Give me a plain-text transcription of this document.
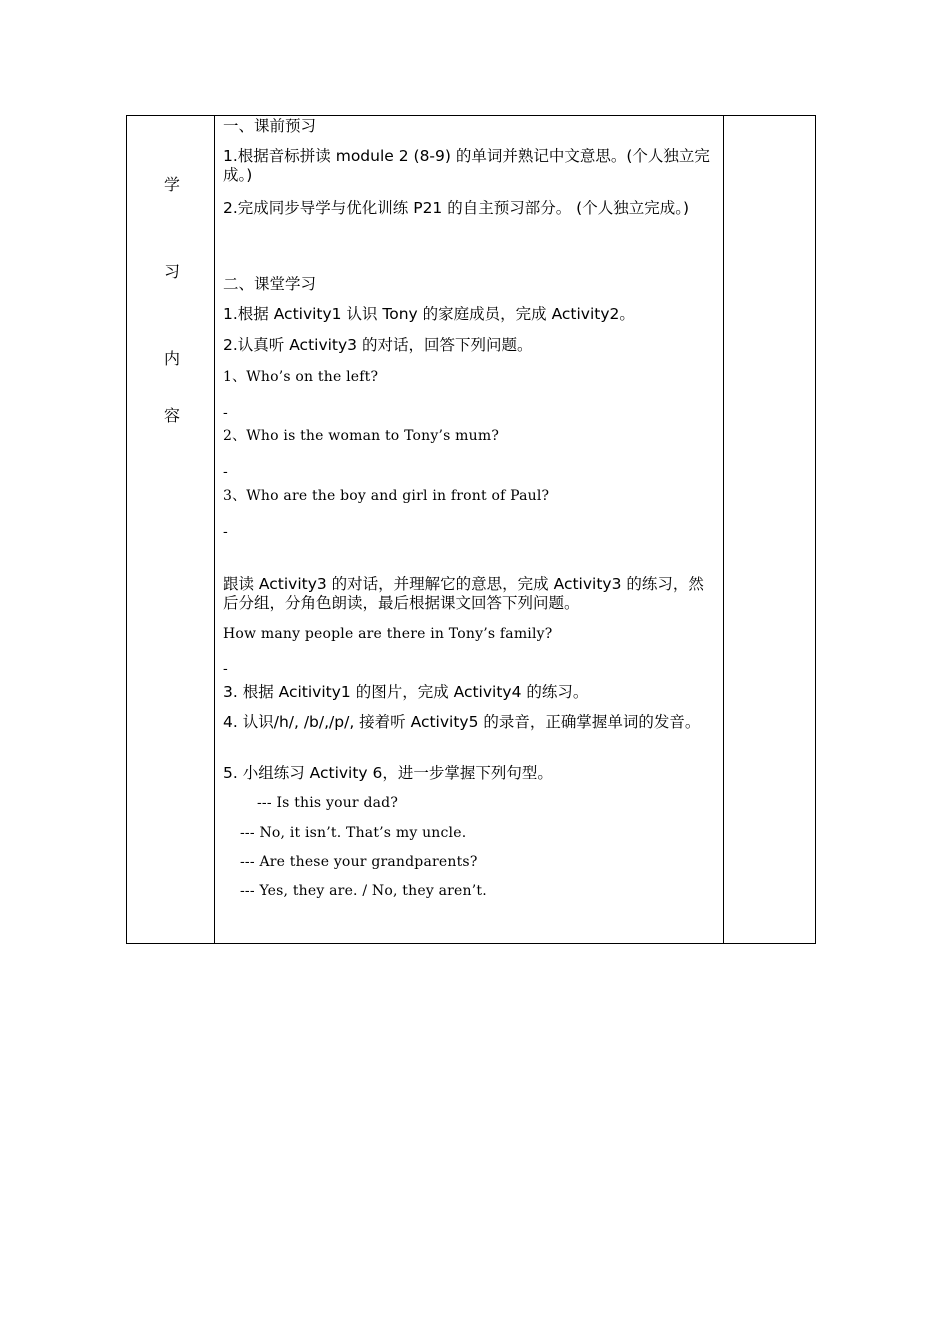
学
习
内
容
一、课前预习
1.根据音标拼读 module 2 (8-9) 的单词并熟记中文意思。(个人独立完成。)
2.完成同步导学与优化训练 P21 的自主预习部分。 (个人独立完成。)
二、课堂学习
1.根据 Activity1 认识 Tony 的家庭成员，完成 Activity2。
2.认真听 Activity3 的对话，回答下列问题。
1、Who’s on the left?
-
2、Who is the woman to Tony’s mum?
-
3、Who are the boy and girl in front of Paul?
-
跟读 Activity3 的对话，并理解它的意思，完成 Activity3 的练习，然后分组，分角色朗读，最后根据课文回答下列问题。
How many people are there in Tony’s family?
-
3. 根据 Acitivity1 的图片，完成 Activity4 的练习。
4. 认识/h/, /b/,/p/, 接着听 Activity5 的录音，正确掌握单词的发音。
5. 小组练习 Activity 6，进一步掌握下列句型。
--- Is this your dad?
--- No, it isn’t. That’s my uncle.
--- Are these your grandparents?
--- Yes, they are. / No, they aren’t.
